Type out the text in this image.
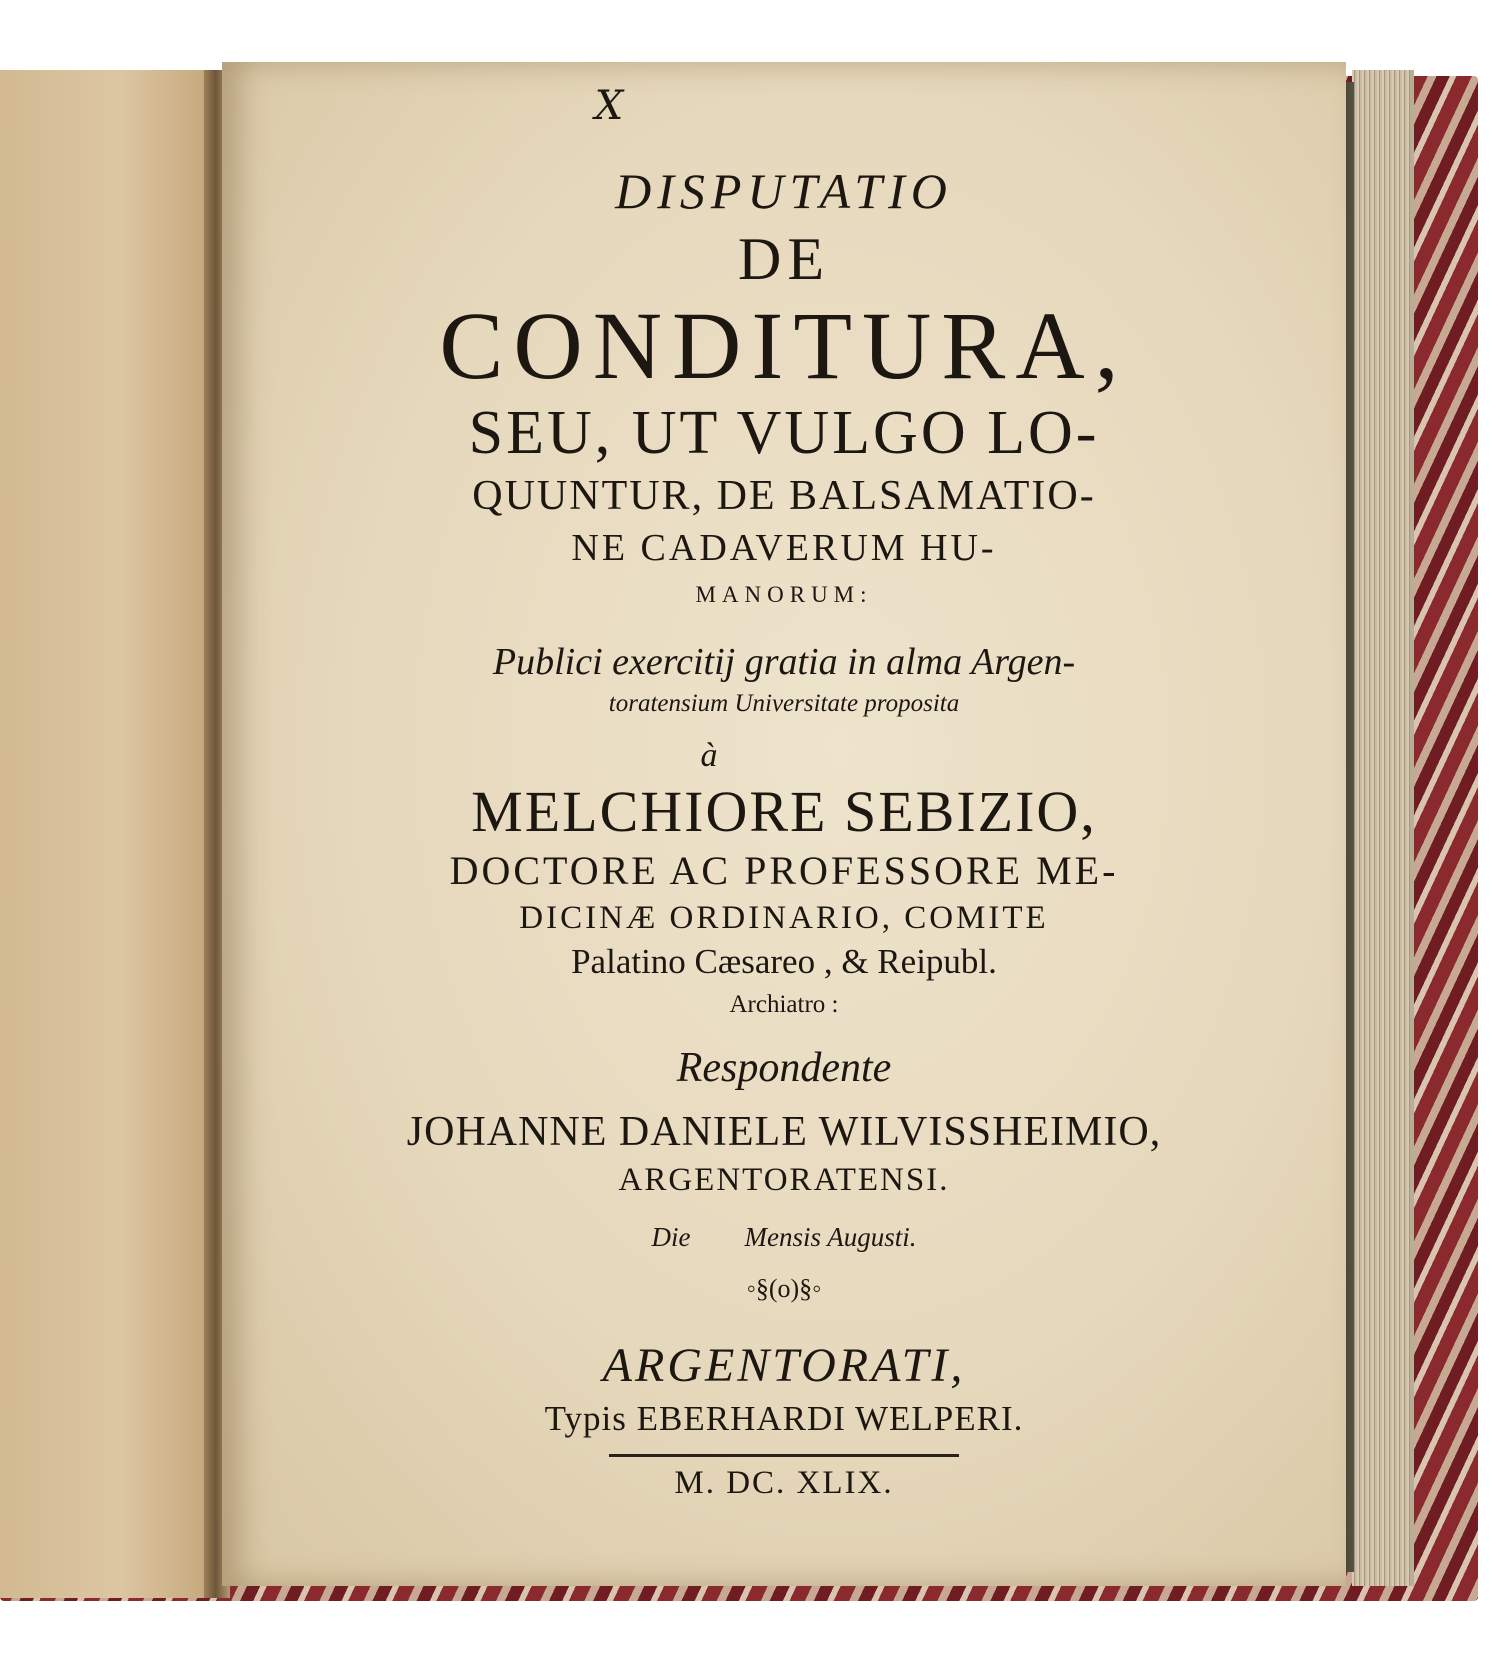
X
DISPUTATIO
DE
CONDITURA,
SEU, UT VULGO LO-
QUUNTUR, DE BALSAMATIO-
NE CADAVERUM HU-
MANORUM:
Publici exercitij gratia in alma Argen-
toratensium Universitate proposita
à
MELCHIORE SEBIZIO,
DOCTORE AC PROFESSORE ME-
DICINÆ ORDINARIO, COMITE
Palatino Cæsareo , & Reipubl.
Archiatro :
Respondente
JOHANNE DANIELE WILVISSHEIMIO,
ARGENTORATENSI.
Die        Mensis Augusti.
◦§(o)§◦
ARGENTORATI,
Typis EBERHARDI WELPERI.
M. DC. XLIX.
